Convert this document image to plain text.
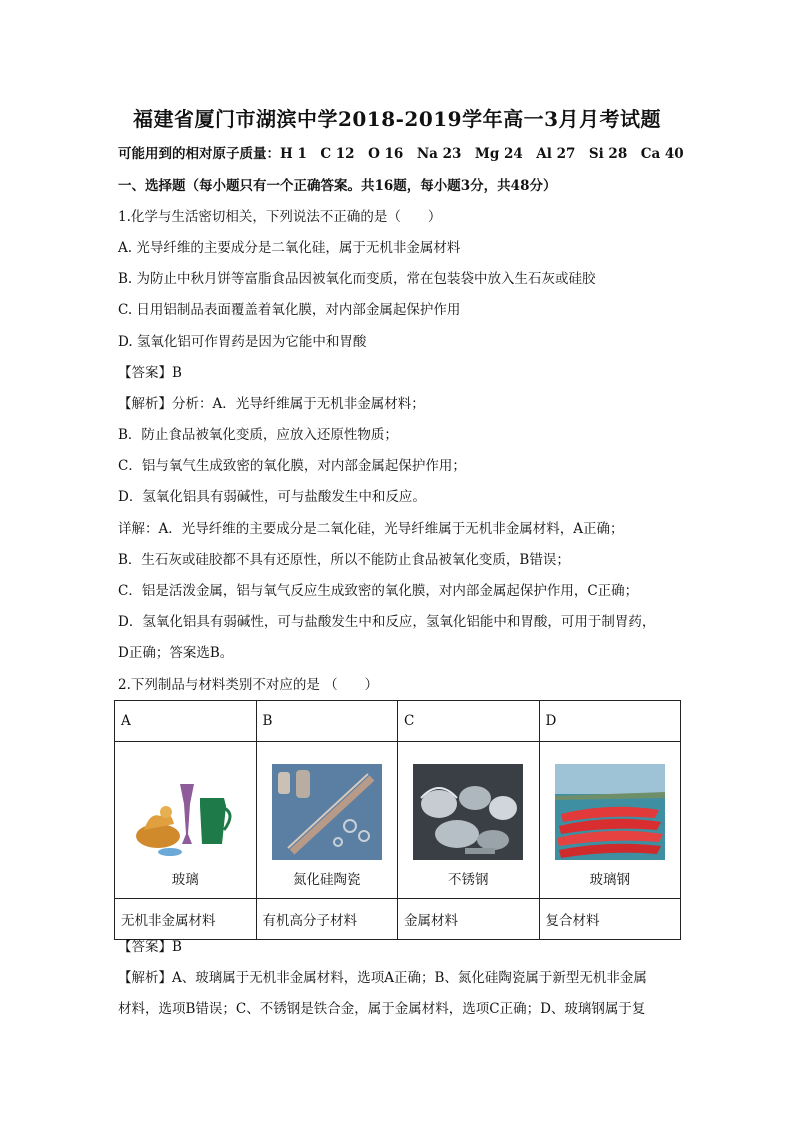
福建省厦门市湖滨中学2018-2019学年高一3月月考试题
可能用到的相对原子质量：H 1　C 12　O 16　Na 23　Mg 24　Al 27　Si 28　Ca 40
一、选择题（每小题只有一个正确答案。共16题，每小题3分，共48分）
1.化学与生活密切相关，下列说法不正确的是（　　）
A. 光导纤维的主要成分是二氧化硅，属于无机非金属材料
B. 为防止中秋月饼等富脂食品因被氧化而变质，常在包装袋中放入生石灰或硅胶
C. 日用铝制品表面覆盖着氧化膜，对内部金属起保护作用
D. 氢氧化铝可作胃药是因为它能中和胃酸
【答案】B
【解析】分析：A．光导纤维属于无机非金属材料；
B．防止食品被氧化变质，应放入还原性物质；
C．铝与氧气生成致密的氧化膜，对内部金属起保护作用；
D．氢氧化铝具有弱碱性，可与盐酸发生中和反应。
详解：A．光导纤维的主要成分是二氧化硅，光导纤维属于无机非金属材料，A正确；
B．生石灰或硅胶都不具有还原性，所以不能防止食品被氧化变质，B错误；
C．铝是活泼金属，铝与氧气反应生成致密的氧化膜，对内部金属起保护作用，C正确；
D．氢氧化铝具有弱碱性，可与盐酸发生中和反应，氢氧化铝能中和胃酸，可用于制胃药，
D正确；答案选B。
2.下列制品与材料类别不对应的是 （　　）
A	B	C	D

玻璃	氮化硅陶瓷	不锈钢	玻璃钢

无机非金属材料	有机高分子材料	金属材料	复合材料
【答案】B
【解析】A、玻璃属于无机非金属材料，选项A正确；B、氮化硅陶瓷属于新型无机非金属
材料，选项B错误；C、不锈钢是铁合金，属于金属材料，选项C正确；D、玻璃钢属于复
